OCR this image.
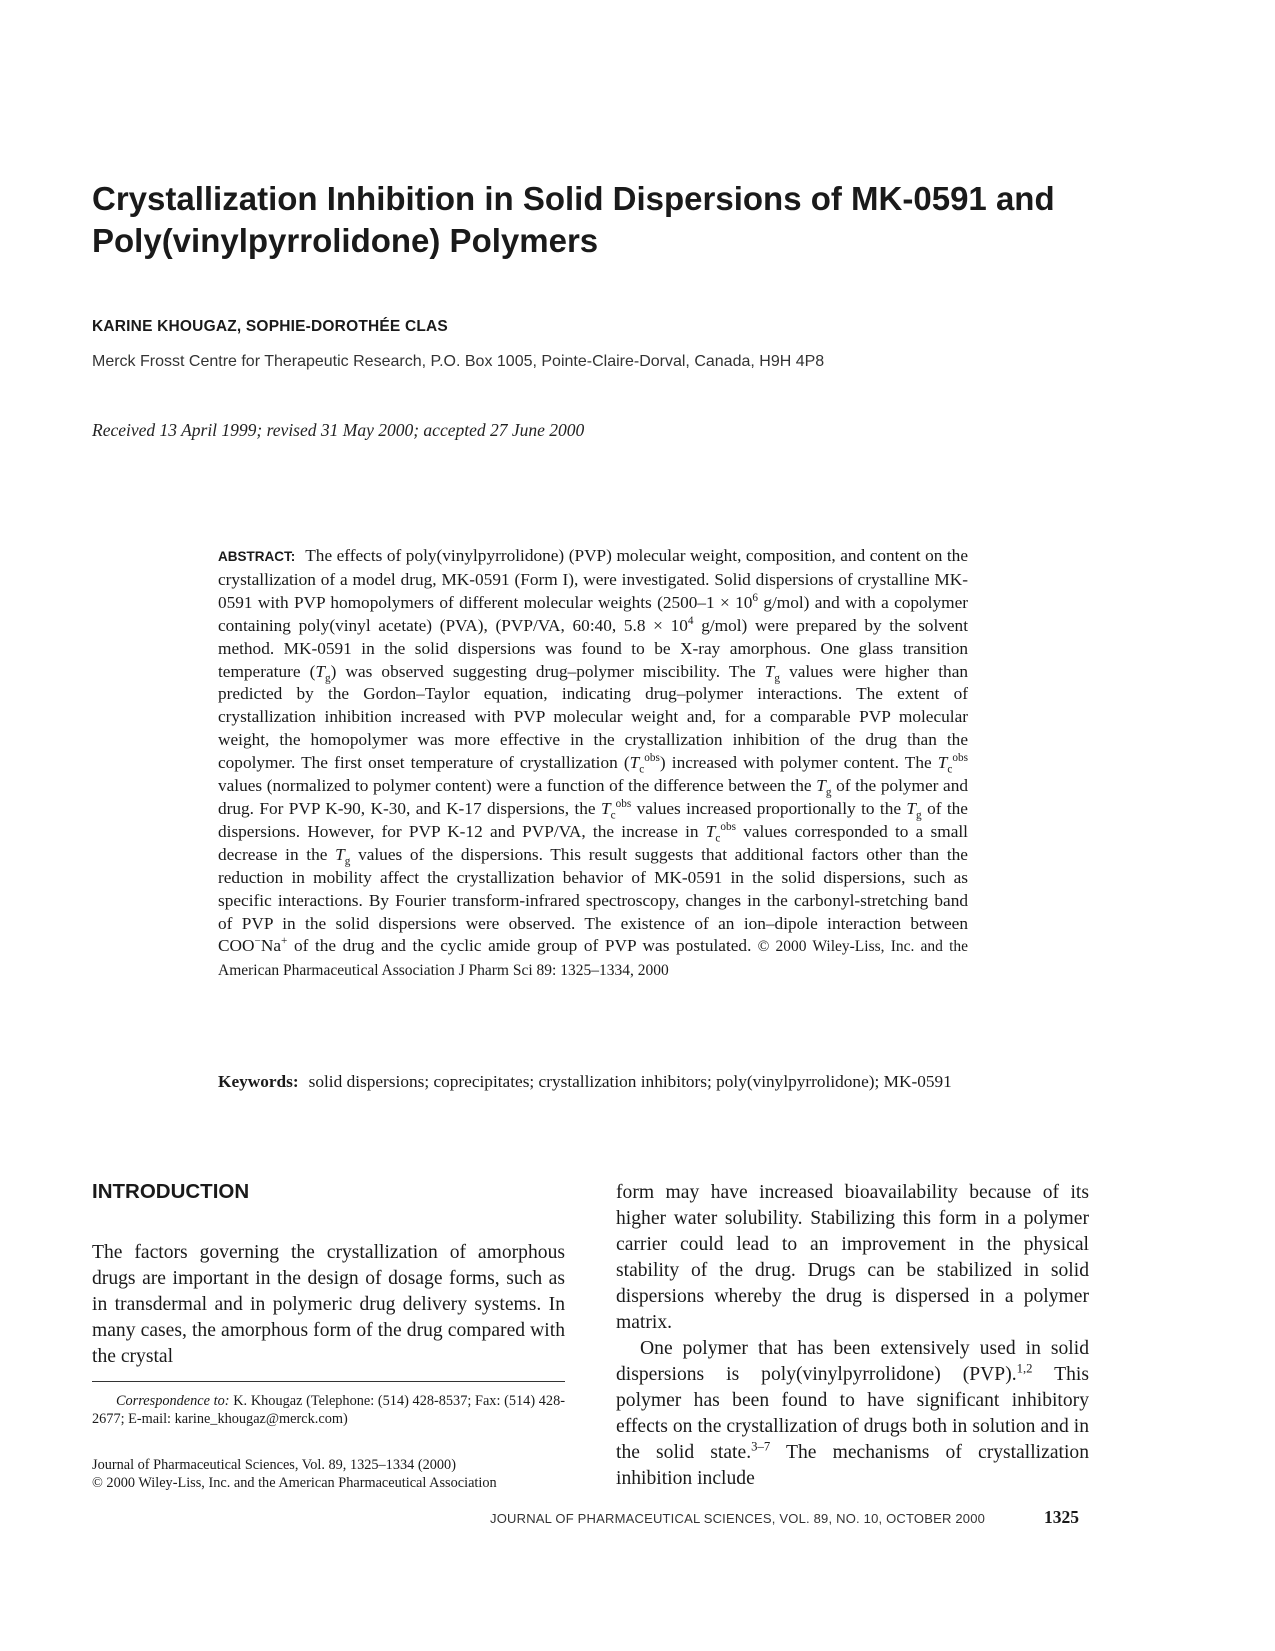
Crystallization Inhibition in Solid Dispersions of MK-0591 and Poly(vinylpyrrolidone) Polymers
KARINE KHOUGAZ, SOPHIE-DOROTHÉE CLAS
Merck Frosst Centre for Therapeutic Research, P.O. Box 1005, Pointe-Claire-Dorval, Canada, H9H 4P8
Received 13 April 1999; revised 31 May 2000; accepted 27 June 2000
ABSTRACT: The effects of poly(vinylpyrrolidone) (PVP) molecular weight, composition, and content on the crystallization of a model drug, MK-0591 (Form I), were investigated. Solid dispersions of crystalline MK-0591 with PVP homopolymers of different molecular weights ($2500-1 \times 10^6$ g/mol) and with a copolymer containing poly(vinyl acetate) (PVA), (PVP/VA, 60:40, $5.8 \times 10^4$ g/mol) were prepared by the solvent method. MK-0591 in the solid dispersions was found to be X-ray amorphous. One glass transition temperature $(T_g)$ was observed suggesting drug–polymer miscibility. The $T_g$ values were higher than predicted by the Gordon–Taylor equation, indicating drug–polymer interactions. The extent of crystallization inhibition increased with PVP molecular weight and, for a comparable PVP molecular weight, the homopolymer was more effective in the crystallization inhibition of the drug than the copolymer. The first onset temperature of crystallization $(T_c^{obs})$ increased with polymer content. The $T_c^{obs}$ values (normalized to polymer content) were a function of the difference between the $T_g$ of the polymer and drug. For PVP K-90, K-30, and K-17 dispersions, the $T_c^{obs}$ values increased proportionally to the $T_g$ of the dispersions. However, for PVP K-12 and PVP/VA, the increase in $T_c^{obs}$ values corresponded to a small decrease in the $T_g$ values of the dispersions. This result suggests that additional factors other than the reduction in mobility affect the crystallization behavior of MK-0591 in the solid dispersions, such as specific interactions. By Fourier transform-infrared spectroscopy, changes in the carbonyl-stretching band of PVP in the solid dispersions were observed. The existence of an ion–dipole interaction between COO−Na+ of the drug and the cyclic amide group of PVP was postulated. © 2000 Wiley-Liss, Inc. and the American Pharmaceutical Association J Pharm Sci 89: 1325–1334, 2000
Keywords: solid dispersions; coprecipitates; crystallization inhibitors; poly(vinylpyrrolidone); MK-0591
INTRODUCTION

The factors governing the crystallization of amorphous drugs are important in the design of dosage forms, such as in transdermal and in polymeric drug delivery systems. In many cases, the amorphous form of the drug compared with the crystal

form may have increased bioavailability because of its higher water solubility. Stabilizing this form in a polymer carrier could lead to an improvement in the physical stability of the drug. Drugs can be stabilized in solid dispersions whereby the drug is dispersed in a polymer matrix.

One polymer that has been extensively used in solid dispersions is poly(vinylpyrrolidone) (PVP).$^{1,2}$ This polymer has been found to have significant inhibitory effects on the crystallization of drugs both in solution and in the solid state.$^{3-7}$ The mechanisms of crystallization inhibition include

Correspondence to: K. Khougaz (Telephone: (514) 428-8537; Fax: (514) 428-2677; E-mail: karine_khougaz@merck.com)
Journal of Pharmaceutical Sciences, Vol. 89, 1325–1334 (2000)
© 2000 Wiley-Liss, Inc. and the American Pharmaceutical Association
JOURNAL OF PHARMACEUTICAL SCIENCES, VOL. 89, NO. 10, OCTOBER 2000	1325
